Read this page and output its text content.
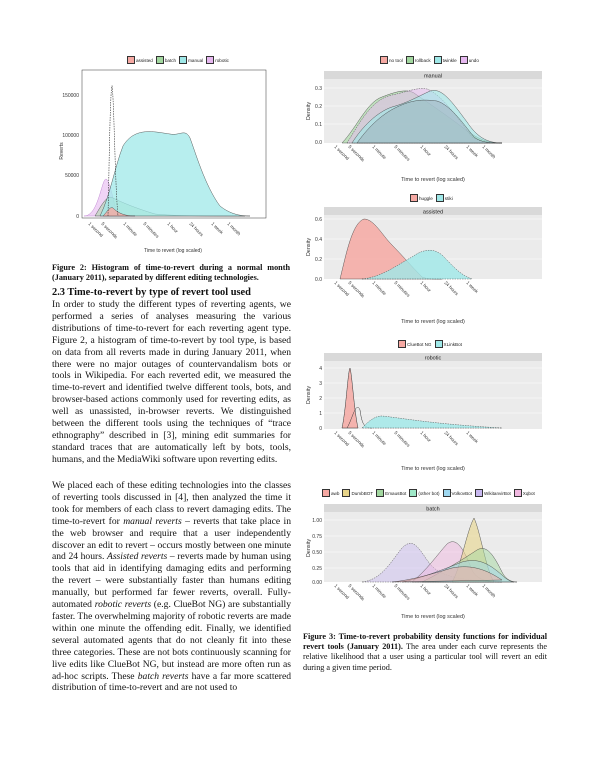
assisted	batch	manual	robotic
150000
100000
50000
0
Reverts
1 second
5 seconds 1 minute 5 minutes 1 hour 24 hours 1 week 1 month
Time to revert (log scaled)
Figure 2: Histogram of time-to-revert during a normal month (January 2011), separated by different editing technologies.
2.3 Time-to-revert by type of revert tool used
In order to study the different types of reverting agents, we performed a series of analyses measuring the various distributions of time-to-revert for each reverting agent type. Figure 2, a histogram of time-to-revert by tool type, is based on data from all reverts made in during January 2011, when there were no major outages of countervandalism bots or tools in Wikipedia. For each reverted edit, we measured the time-to-revert and identified twelve different tools, bots, and browser-based actions commonly used for reverting edits, as well as unassisted, in-browser reverts. We distinguished between the different tools using the techniques of “trace ethnography” described in [3], mining edit summaries for standard traces that are automatically left by bots, tools, humans, and the MediaWiki software upon reverting edits.
We placed each of these editing technologies into the classes of reverting tools discussed in [4], then analyzed the time it took for members of each class to revert damaging edits. The time-to-revert for manual reverts – reverts that take place in the web browser and require that a user independently discover an edit to revert – occurs mostly between one minute and 24 hours. Assisted reverts – reverts made by human using tools that aid in identifying damaging edits and performing the revert – were substantially faster than humans editing manually, but performed far fewer reverts, overall. Fully-automated robotic reverts (e.g. ClueBot NG) are substantially faster. The overwhelming majority of robotic reverts are made within one minute the offending edit. Finally, we identified several automated agents that do not cleanly fit into these three categories. These are not bots continuously scanning for live edits like ClueBot NG, but instead are more often run as ad-hoc scripts. These batch reverts have a far more scattered distribution of time-to-revert and are not used to
no tool	rollback	twinkle	undo
manual
0.3
0.2
0.1
0.0
Density
1 second
5 seconds 1 minute 5 minutes 1 hour 24 hours 1 week 1 month
Time to revert (log scaled)
huggle	stiki
assisted
0.6
0.4
0.2
0.0
Density
1 second
5 seconds 1 minute 5 minutes 1 hour 24 hours 1 week
Time to revert (log scaled)
ClueBot NG	XLinkBot
robotic
4
3
2
1
0
Density
1 second
5 seconds 1 minute 5 minutes 1 hour 24 hours 1 week
Time to revert (log scaled)
awb	DumbBOT	EmausBot	(other bot)	VolkovBot	WikitanvirBot	Xqbot
batch
1.00
0.75
0.50
0.25
0.00
Density
1 second
5 seconds 1 minute 5 minutes 1 hour 24 hours 1 week 1 month
Time to revert (log scaled)
Figure 3: Time-to-revert probability density functions for individual revert tools (January 2011). The area under each curve represents the relative likelihood that a user using a particular tool will revert an edit during a given time period.
